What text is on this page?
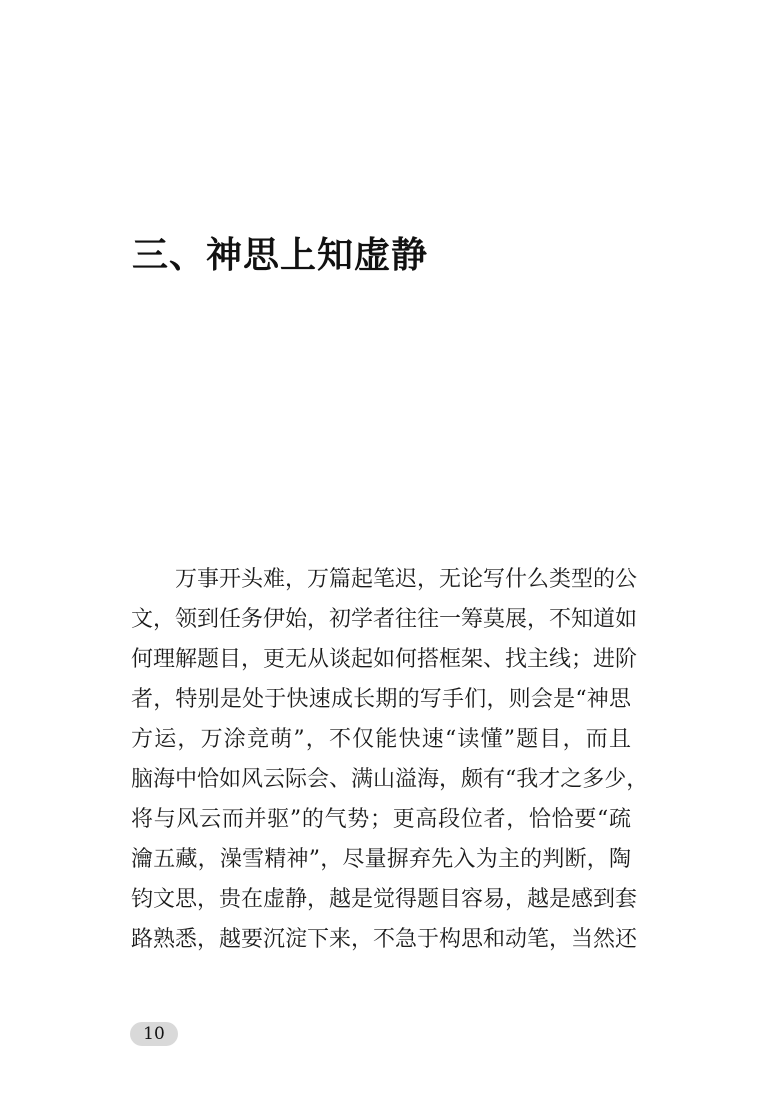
三、神思上知虚静
万事开头难，万篇起笔迟，无论写什么类型的公
文，领到任务伊始，初学者往往一筹莫展，不知道如
何理解题目，更无从谈起如何搭框架、找主线；进阶
者，特别是处于快速成长期的写手们，则会是“神思
方运，万涂竞萌”，不仅能快速“读懂”题目，而且
脑海中恰如风云际会、满山溢海，颇有“我才之多少，
将与风云而并驱”的气势；更高段位者，恰恰要“疏
瀹五藏，澡雪精神”，尽量摒弃先入为主的判断，陶
钧文思，贵在虚静，越是觉得题目容易，越是感到套
路熟悉，越要沉淀下来，不急于构思和动笔，当然还
10
